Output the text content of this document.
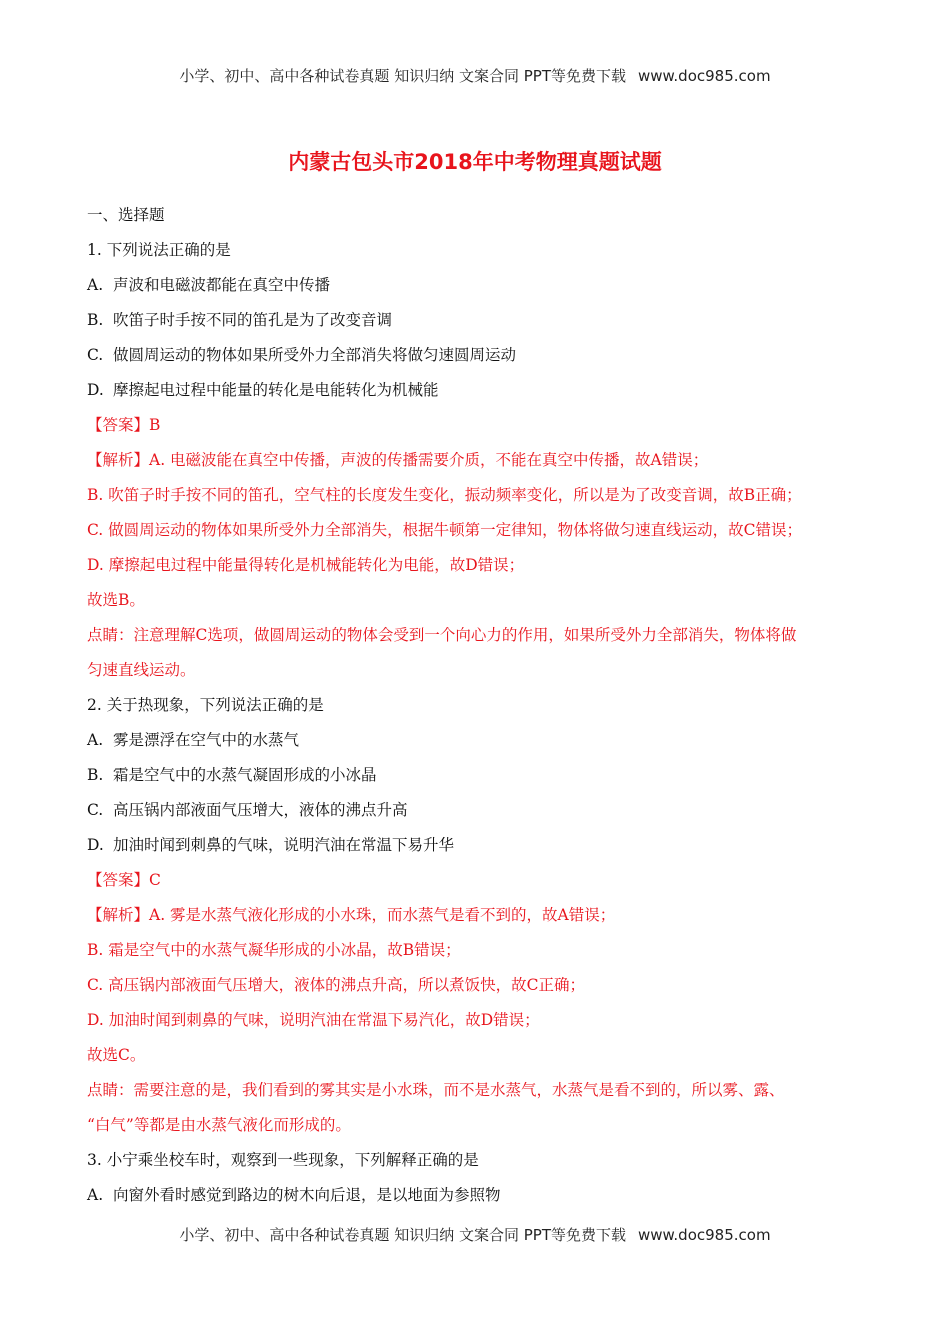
小学、初中、高中各种试卷真题 知识归纳 文案合同 PPT等免费下载 www.doc985.com
内蒙古包头市2018年中考物理真题试题
一、选择题
1. 下列说法正确的是
A. 声波和电磁波都能在真空中传播
B. 吹笛子时手按不同的笛孔是为了改变音调
C. 做圆周运动的物体如果所受外力全部消失将做匀速圆周运动
D. 摩擦起电过程中能量的转化是电能转化为机械能
【答案】B
【解析】A. 电磁波能在真空中传播，声波的传播需要介质，不能在真空中传播，故A错误；
B. 吹笛子时手按不同的笛孔，空气柱的长度发生变化，振动频率变化，所以是为了改变音调，故B正确；
C. 做圆周运动的物体如果所受外力全部消失，根据牛顿第一定律知，物体将做匀速直线运动，故C错误；
D. 摩擦起电过程中能量得转化是机械能转化为电能，故D错误；
故选B。
点睛：注意理解C选项，做圆周运动的物体会受到一个向心力的作用，如果所受外力全部消失，物体将做
匀速直线运动。
2. 关于热现象，下列说法正确的是
A. 雾是漂浮在空气中的水蒸气
B. 霜是空气中的水蒸气凝固形成的小冰晶
C. 高压锅内部液面气压增大，液体的沸点升高
D. 加油时闻到刺鼻的气味，说明汽油在常温下易升华
【答案】C
【解析】A. 雾是水蒸气液化形成的小水珠，而水蒸气是看不到的，故A错误；
B. 霜是空气中的水蒸气凝华形成的小冰晶，故B错误；
C. 高压锅内部液面气压增大，液体的沸点升高，所以煮饭快，故C正确；
D. 加油时闻到刺鼻的气味，说明汽油在常温下易汽化，故D错误；
故选C。
点睛：需要注意的是，我们看到的雾其实是小水珠，而不是水蒸气，水蒸气是看不到的，所以雾、露、
“白气”等都是由水蒸气液化而形成的。
3. 小宁乘坐校车时，观察到一些现象，下列解释正确的是
A. 向窗外看时感觉到路边的树木向后退，是以地面为参照物
小学、初中、高中各种试卷真题 知识归纳 文案合同 PPT等免费下载 www.doc985.com
